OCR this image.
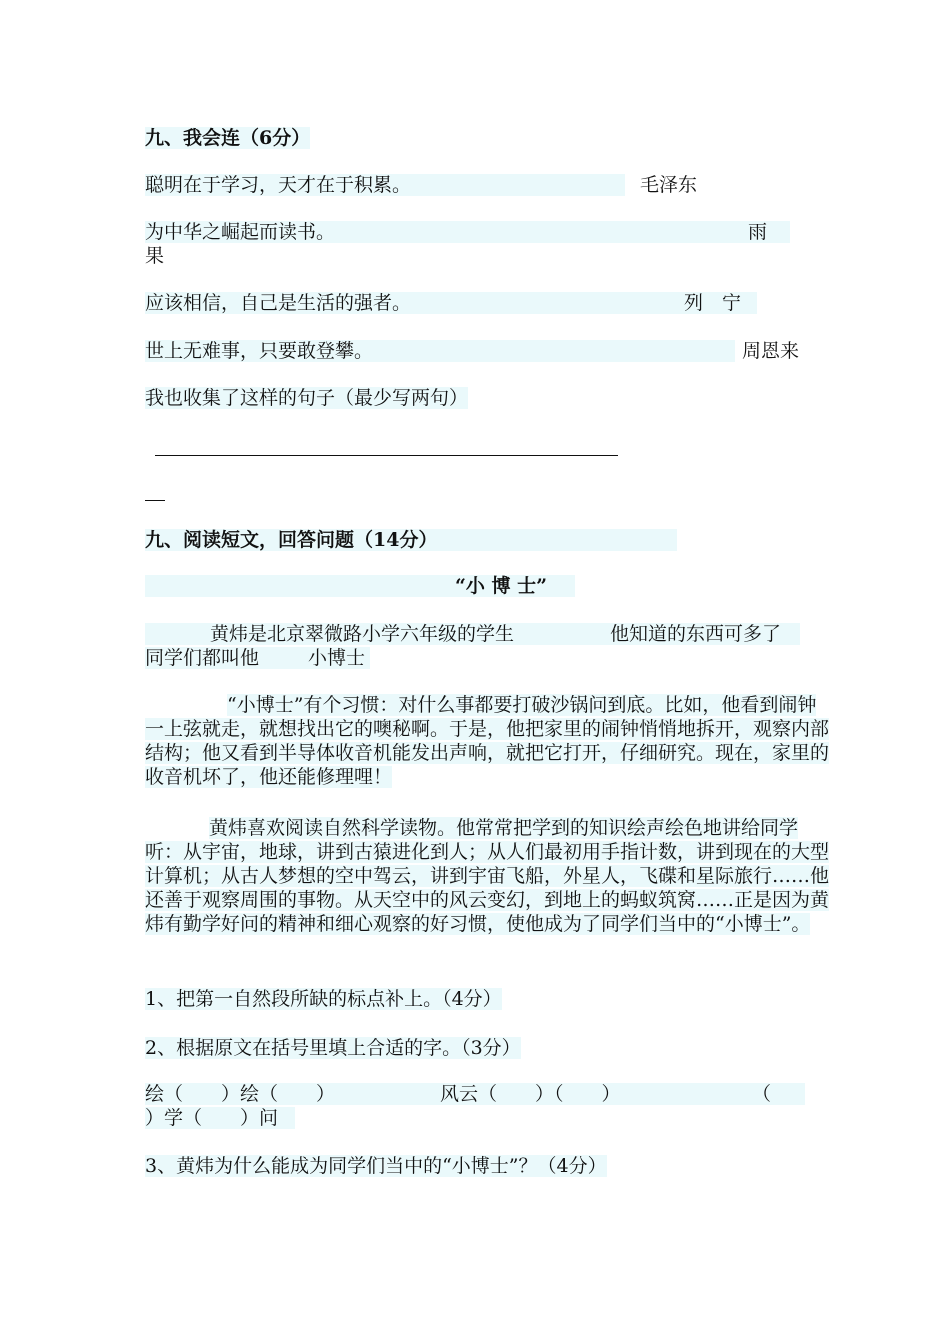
九、我会连（6分）
聪明在于学习，天才在于积累。	毛泽东
为中华之崛起而读书。	雨
果
应该相信，自己是生活的强者。	列　宁
世上无难事，只要敢登攀。	周恩来
我也收集了这样的句子（最少写两句）
九、阅读短文，回答问题（14分）
“小 博 士”
黄炜是北京翠微路小学六年级的学生	他知道的东西可多了
同学们都叫他	小博士
“小博士”有个习惯：对什么事都要打破沙锅问到底。比如，他看到闹钟一上弦就走，就想找出它的噢秘啊。于是，他把家里的闹钟悄悄地拆开，观察内部结构；他又看到半导体收音机能发出声响，就把它打开，仔细研究。现在，家里的收音机坏了，他还能修理哩！
黄炜喜欢阅读自然科学读物。他常常把学到的知识绘声绘色地讲给同学听：从宇宙，地球，讲到古猿进化到人；从人们最初用手指计数，讲到现在的大型计算机；从古人梦想的空中驾云，讲到宇宙飞船，外星人，飞碟和星际旅行……他还善于观察周围的事物。从天空中的风云变幻，到地上的蚂蚁筑窝……正是因为黄炜有勤学好问的精神和细心观察的好习惯，使他成为了同学们当中的“小博士”。
1、把第一自然段所缺的标点补上。（4分）
2、根据原文在括号里填上合适的字。（3分）
绘（　　）绘（　　）	风云（　　）（　　）	（
）学（　　）问
3、黄炜为什么能成为同学们当中的“小博士”？（4分）
